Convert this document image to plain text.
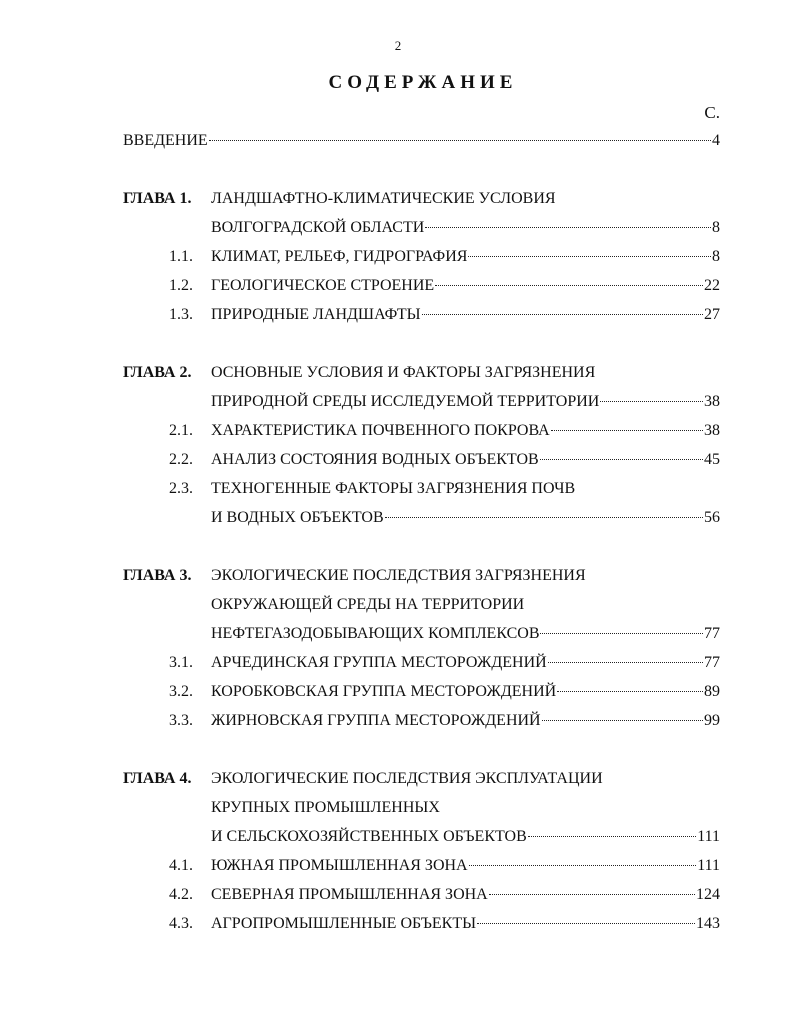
2
СОДЕРЖАНИЕ
С.
ВВЕДЕНИЕ	4
ГЛАВА 1.	ЛАНДШАФТНО-КЛИМАТИЧЕСКИЕ УСЛОВИЯ
ВОЛГОГРАДСКОЙ ОБЛАСТИ	8
1.1. КЛИМАТ, РЕЛЬЕФ, ГИДРОГРАФИЯ	8
1.2. ГЕОЛОГИЧЕСКОЕ СТРОЕНИЕ	22
1.3. ПРИРОДНЫЕ ЛАНДШАФТЫ	27
ГЛАВА 2.	ОСНОВНЫЕ УСЛОВИЯ И ФАКТОРЫ ЗАГРЯЗНЕНИЯ
ПРИРОДНОЙ СРЕДЫ ИССЛЕДУЕМОЙ ТЕРРИТОРИИ	38
2.1. ХАРАКТЕРИСТИКА ПОЧВЕННОГО ПОКРОВА	38
2.2. АНАЛИЗ СОСТОЯНИЯ ВОДНЫХ ОБЪЕКТОВ	45
2.3. ТЕХНОГЕННЫЕ ФАКТОРЫ ЗАГРЯЗНЕНИЯ ПОЧВ
И ВОДНЫХ ОБЪЕКТОВ	56
ГЛАВА 3.	ЭКОЛОГИЧЕСКИЕ ПОСЛЕДСТВИЯ ЗАГРЯЗНЕНИЯ
ОКРУЖАЮЩЕЙ СРЕДЫ НА ТЕРРИТОРИИ
НЕФТЕГАЗОДОБЫВАЮЩИХ КОМПЛЕКСОВ	77
3.1. АРЧЕДИНСКАЯ ГРУППА МЕСТОРОЖДЕНИЙ	77
3.2. КОРОБКОВСКАЯ ГРУППА МЕСТОРОЖДЕНИЙ	89
3.3. ЖИРНОВСКАЯ ГРУППА МЕСТОРОЖДЕНИЙ	99
ГЛАВА 4.	ЭКОЛОГИЧЕСКИЕ ПОСЛЕДСТВИЯ ЭКСПЛУАТАЦИИ
КРУПНЫХ ПРОМЫШЛЕННЫХ
И СЕЛЬСКОХОЗЯЙСТВЕННЫХ ОБЪЕКТОВ	111
4.1. ЮЖНАЯ ПРОМЫШЛЕННАЯ ЗОНА	111
4.2. СЕВЕРНАЯ ПРОМЫШЛЕННАЯ ЗОНА	124
4.3. АГРОПРОМЫШЛЕННЫЕ ОБЪЕКТЫ	143
